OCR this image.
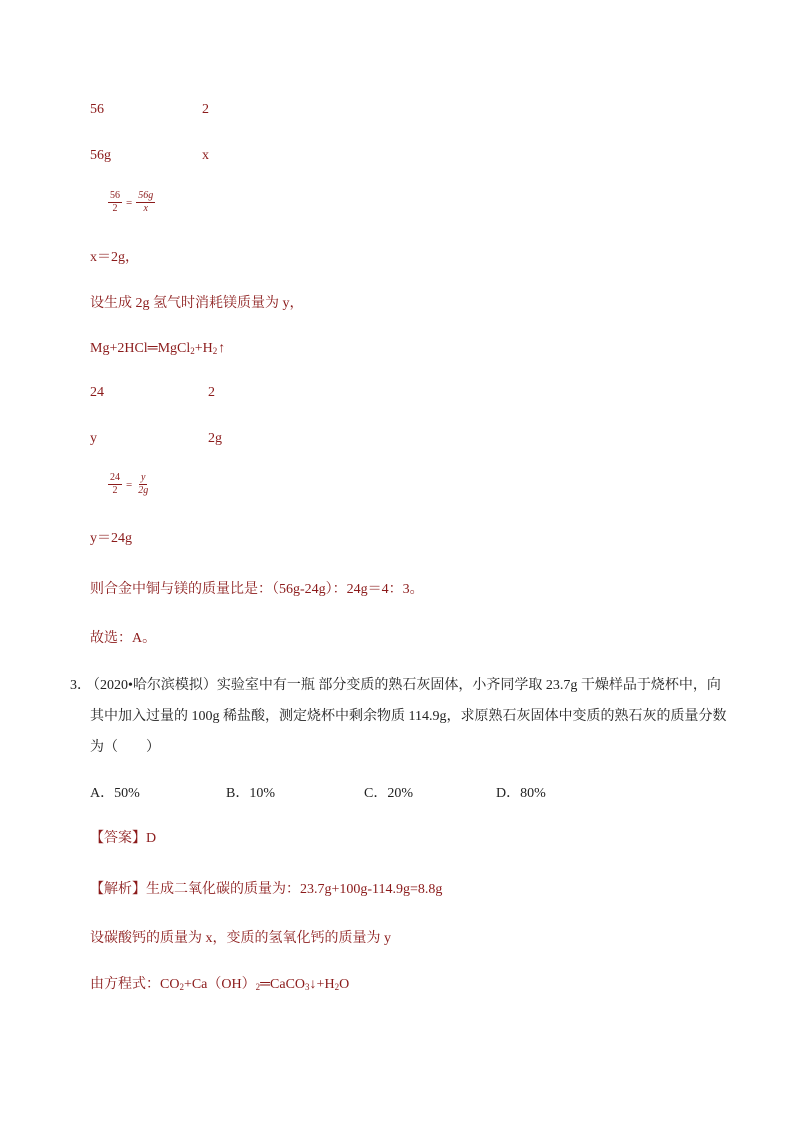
56	2
56g	x
$\frac{56}{2} = \frac{56g}{x}$
x＝2g，
设生成 2g 氢气时消耗镁质量为 y，
$Mg+2HCl═MgCl_2+H_2↑$
24	2
y	2g
$\frac{24}{2} = \frac{y}{2g}$
y＝24g
则合金中铜与镁的质量比是：（56g-24g）：24g＝4：3。
故选：A。
3．
（2020•哈尔滨模拟）实验室中有一瓶 部分变质的熟石灰固体，小齐同学取 23.7g 干燥样品于烧杯中，向
其中加入过量的 100g 稀盐酸，测定烧杯中剩余物质 114.9g，求原熟石灰固体中变质的熟石灰的质量分数
为（　　）
A．50%	B．10%	C．20%	D．80%
【答案】D
【解析】生成二氧化碳的质量为：23.7g+100g-114.9g=8.8g
设碳酸钙的质量为 x，变质的氢氧化钙的质量为 y
由方程式：$CO_2+Ca(OH)_2═CaCO_3↓+H_2O$
